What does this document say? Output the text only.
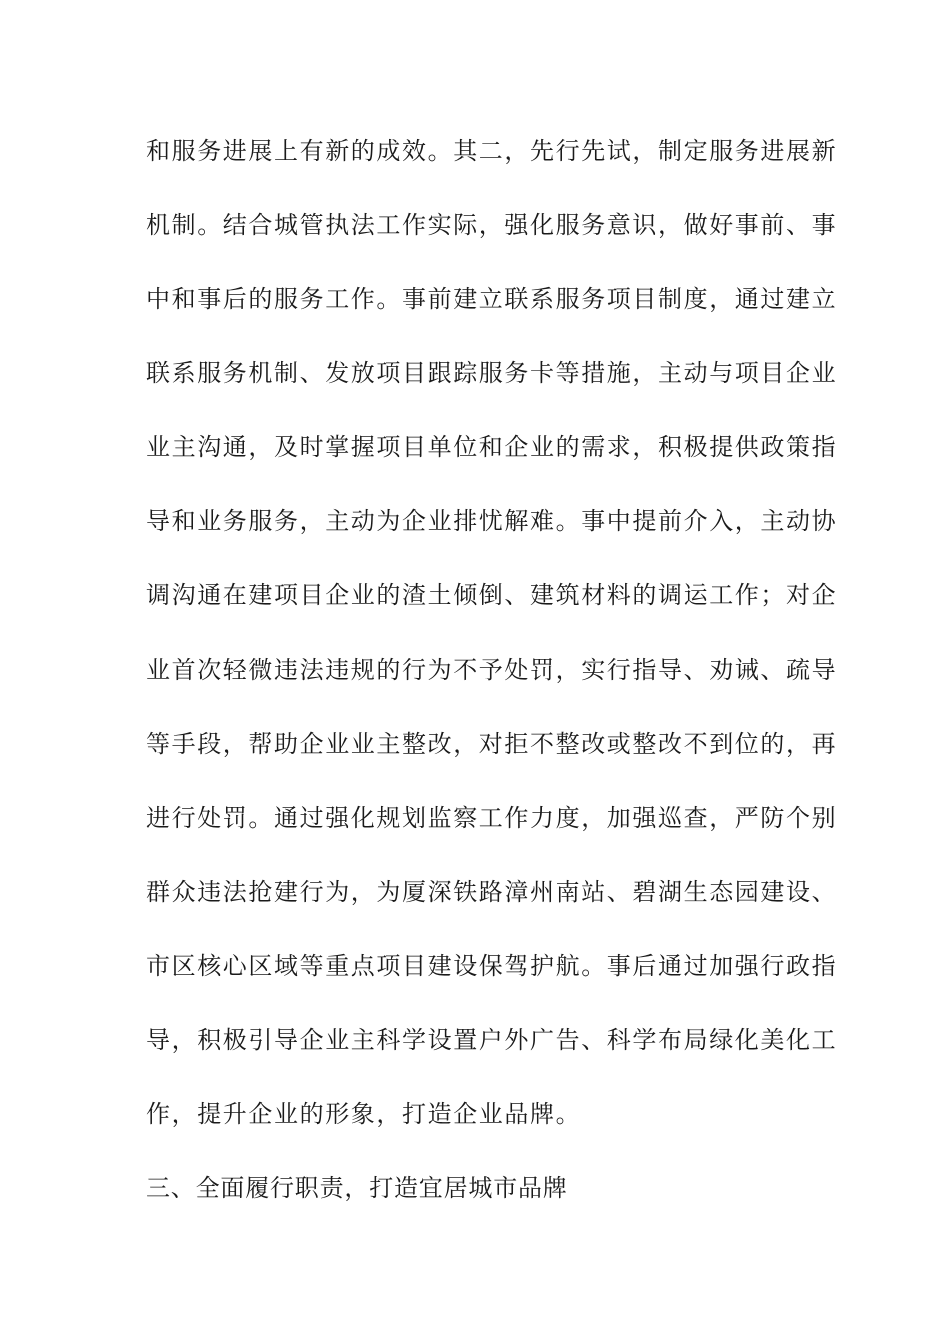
和服务进展上有新的成效。其二，先行先试，制定服务进展新
机制。结合城管执法工作实际，强化服务意识，做好事前、事
中和事后的服务工作。事前建立联系服务项目制度，通过建立
联系服务机制、发放项目跟踪服务卡等措施，主动与项目企业
业主沟通，及时掌握项目单位和企业的需求，积极提供政策指
导和业务服务，主动为企业排忧解难。事中提前介入，主动协
调沟通在建项目企业的渣土倾倒、建筑材料的调运工作；对企
业首次轻微违法违规的行为不予处罚，实行指导、劝诫、疏导
等手段，帮助企业业主整改，对拒不整改或整改不到位的，再
进行处罚。通过强化规划监察工作力度，加强巡查，严防个别
群众违法抢建行为，为厦深铁路漳州南站、碧湖生态园建设、
市区核心区域等重点项目建设保驾护航。事后通过加强行政指
导，积极引导企业主科学设置户外广告、科学布局绿化美化工
作，提升企业的形象，打造企业品牌。
三、全面履行职责，打造宜居城市品牌
